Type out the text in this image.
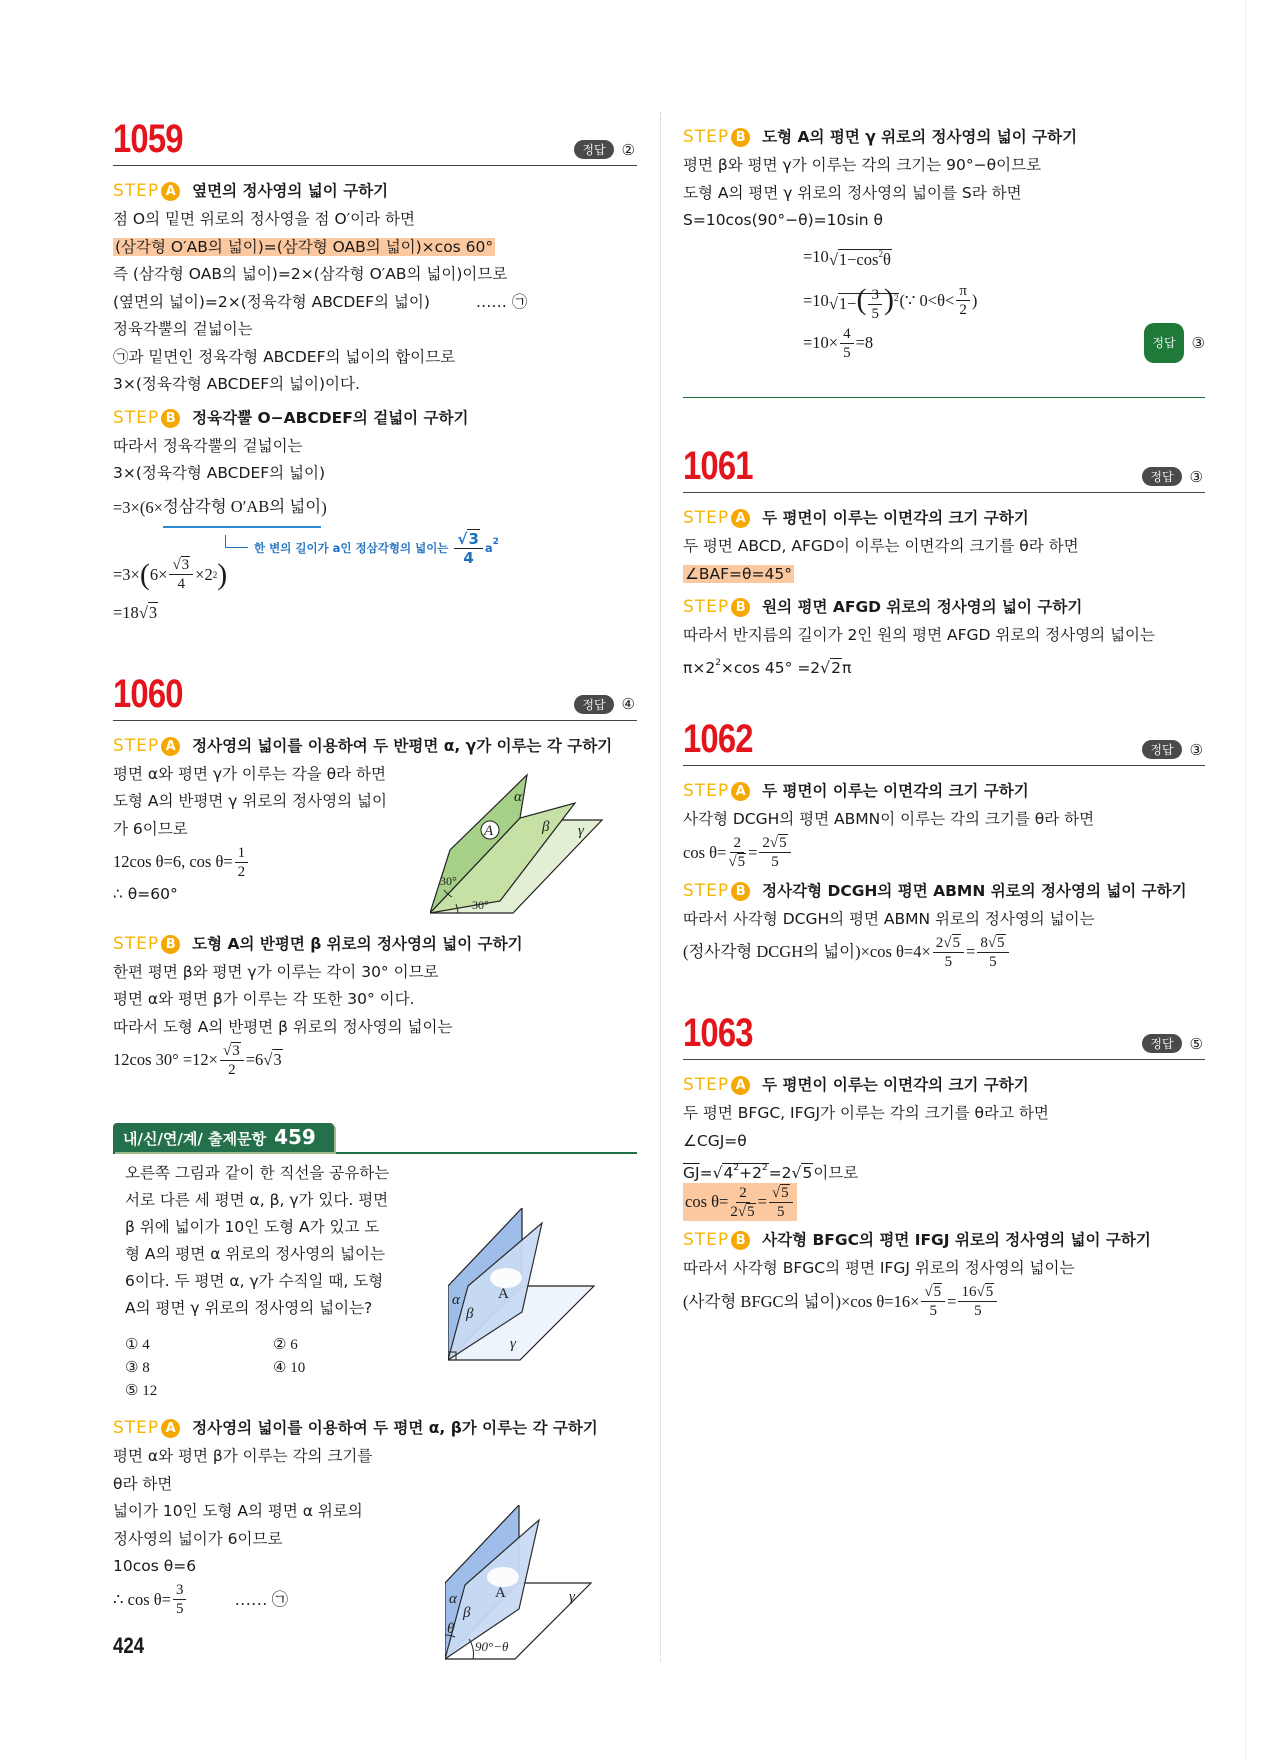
1059	정답	②
STEP A 옆면의 정사영의 넓이 구하기
점 O의 밑면 위로의 정사영을 점 O′이라 하면
(삼각형 O′AB의 넓이)=(삼각형 OAB의 넓이)×cos 60°
즉 (삼각형 OAB의 넓이)=2×(삼각형 O′AB의 넓이)이므로
(옆면의 넓이)=2×(정육각형 ABCDEF의 넓이)	…… ㉠
정육각뿔의 겉넓이는
㉠과 밑면인 정육각형 ABCDEF의 넓이의 합이므로
3×(정육각형 ABCDEF의 넓이)이다.
STEP B 정육각뿔 O−ABCDEF의 겉넓이 구하기
따라서 정육각뿔의 겉넓이는
3×(정육각형 ABCDEF의 넓이)
=3×(6× 정삼각형 O′AB의 넓이 )
한 변의 길이가 a인 정삼각형의 넓이는 √ $\frac{3}{4} a^2$
=3× ( 6× √ $\frac{3}{4} \times 2$ 2 )
=18 √ 3
1060	정답	④
STEP A 정사영의 넓이를 이용하여 두 반평면 α, γ가 이루는 각 구하기
평면 α와 평면 γ가 이루는 각을 θ라 하면
도형 A의 반평면 γ 위로의 정사영의 넓이
가 6이므로
12cos θ=6, $\cos \theta= \frac{1}{2}$
∴ θ=60°
STEP B 도형 A의 반평면 β 위로의 정사영의 넓이 구하기
한편 평면 β와 평면 γ가 이루는 각이 30° 이므로
평면 α와 평면 β가 이루는 각 또한 30° 이다.
따라서 도형 A의 반평면 β 위로의 정사영의 넓이는
12cos 30° =12× √ $\frac{3}{2} =6$ √ 3
내/신/연/계/ 출제문항 459
오른쪽 그림과 같이 한 직선을 공유하는
서로 다른 세 평면 α, β, γ가 있다. 평면
β 위에 넓이가 10인 도형 A가 있고 도
형 A의 평면 α 위로의 정사영의 넓이는
6이다. 두 평면 α, γ가 수직일 때, 도형
A의 평면 γ 위로의 정사영의 넓이는?
① 4	② 6
③ 8	④ 10
⑤ 12
STEP A 정사영의 넓이를 이용하여 두 평면 α, β가 이루는 각 구하기
평면 α와 평면 β가 이루는 각의 크기를
θ라 하면
넓이가 10인 도형 A의 평면 α 위로의
정사영의 넓이가 6이므로
10cos θ=6
∴ $\cos \theta= \frac{3}{5}$	…… ㉠
424
STEP B 도형 A의 평면 γ 위로의 정사영의 넓이 구하기
평면 β와 평면 γ가 이루는 각의 크기는 90°−θ이므로
도형 A의 평면 γ 위로의 정사영의 넓이를 S라 하면
S=10cos(90°−θ)=10sin θ
=10 √ $1-\cos^2\theta$
=10 √ $1-( \frac{3}{5} )^2$ (∵ $0<\theta< \frac{\pi}{2}$ )
$=10\times \frac{4}{5} =8$	정답	③
1061	정답	③
STEP A 두 평면이 이루는 이면각의 크기 구하기
두 평면 ABCD, AFGD이 이루는 이면각의 크기를 θ라 하면
∠BAF=θ=45°
STEP B 원의 평면 AFGD 위로의 정사영의 넓이 구하기
따라서 반지름의 길이가 2인 원의 평면 AFGD 위로의 정사영의 넓이는
$\pi\times 2^2\times\cos$ 45° =2 √ 2π
1062	정답	③
STEP A 두 평면이 이루는 이면각의 크기 구하기
사각형 DCGH의 평면 ABMN이 이루는 각의 크기를 θ라 하면
cos θ= 2
√ $5 = \frac{2 √ 5}{5}$
STEP B 정사각형 DCGH의 평면 ABMN 위로의 정사영의 넓이 구하기
따라서 사각형 DCGH의 평면 ABMN 위로의 정사영의 넓이는
(정사각형 DCGH의 넓이)×cos $\theta=4\times \frac{2 √ 5}{5} = \frac{8 √ 5}{5}$
1063	정답	⑤
STEP A 두 평면이 이루는 이면각의 크기 구하기
두 평면 BFGC, IFGJ가 이루는 각의 크기를 θ라고 하면
∠CGJ=θ
$\overline{GJ}=$ √ $4^2+2^2=2$ √ 5이므로
$\cos \theta= \frac{2}{2 √ 5}$ = √ $\frac{5}{5}$
STEP B 사각형 BFGC의 평면 IFGJ 위로의 정사영의 넓이 구하기
따라서 사각형 BFGC의 평면 IFGJ 위로의 정사영의 넓이는
(사각형 BFGC의 넓이)×cos θ=16× √ $\frac{5}{5} = \frac{16 √ 5}{5}$
A
α
β γ
30°
30°
α
β
A
γ
α
β
A	γ
θ
90°−θ
